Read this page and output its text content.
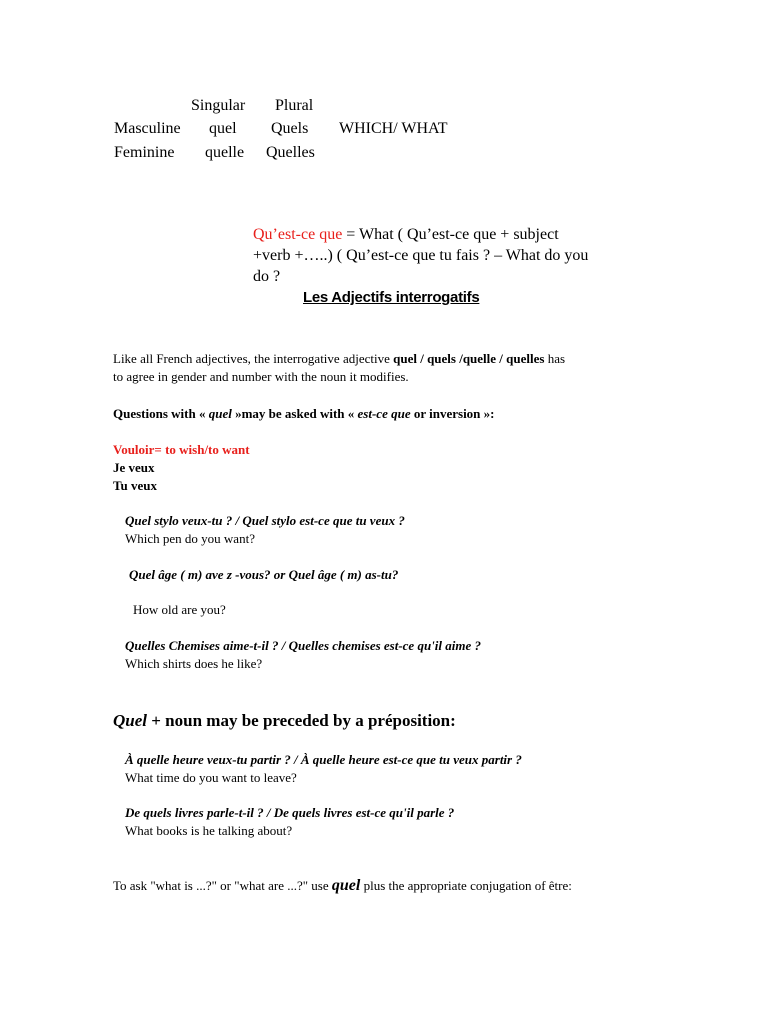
Singular Plural
Masculine quel Quels WHICH/ WHAT
Feminine quelle Quelles
Qu’est-ce que = What ( Qu’est-ce que + subject
+verb +…..) ( Qu’est-ce que tu fais ? – What do you
do ?
Les Adjectifs interrogatifs
Like all French adjectives, the interrogative adjective quel / quels /quelle / quelles has
to agree in gender and number with the noun it modifies.
Questions with « quel »may be asked with « est-ce que or inversion »:
Vouloir= to wish/to want
Je veux
Tu veux
Quel stylo veux-tu ? / Quel stylo est-ce que tu veux ?
Which pen do you want?
Quel âge ( m) ave z -vous? or Quel âge ( m) as-tu?
How old are you?
Quelles Chemises aime-t-il ? / Quelles chemises est-ce qu'il aime ?
Which shirts does he like?
Quel + noun may be preceded by a préposition:
À quelle heure veux-tu partir ? / À quelle heure est-ce que tu veux partir ?
What time do you want to leave?
De quels livres parle-t-il ? / De quels livres est-ce qu'il parle ?
What books is he talking about?
To ask "what is ...?" or "what are ...?" use quel plus the appropriate conjugation of être:
